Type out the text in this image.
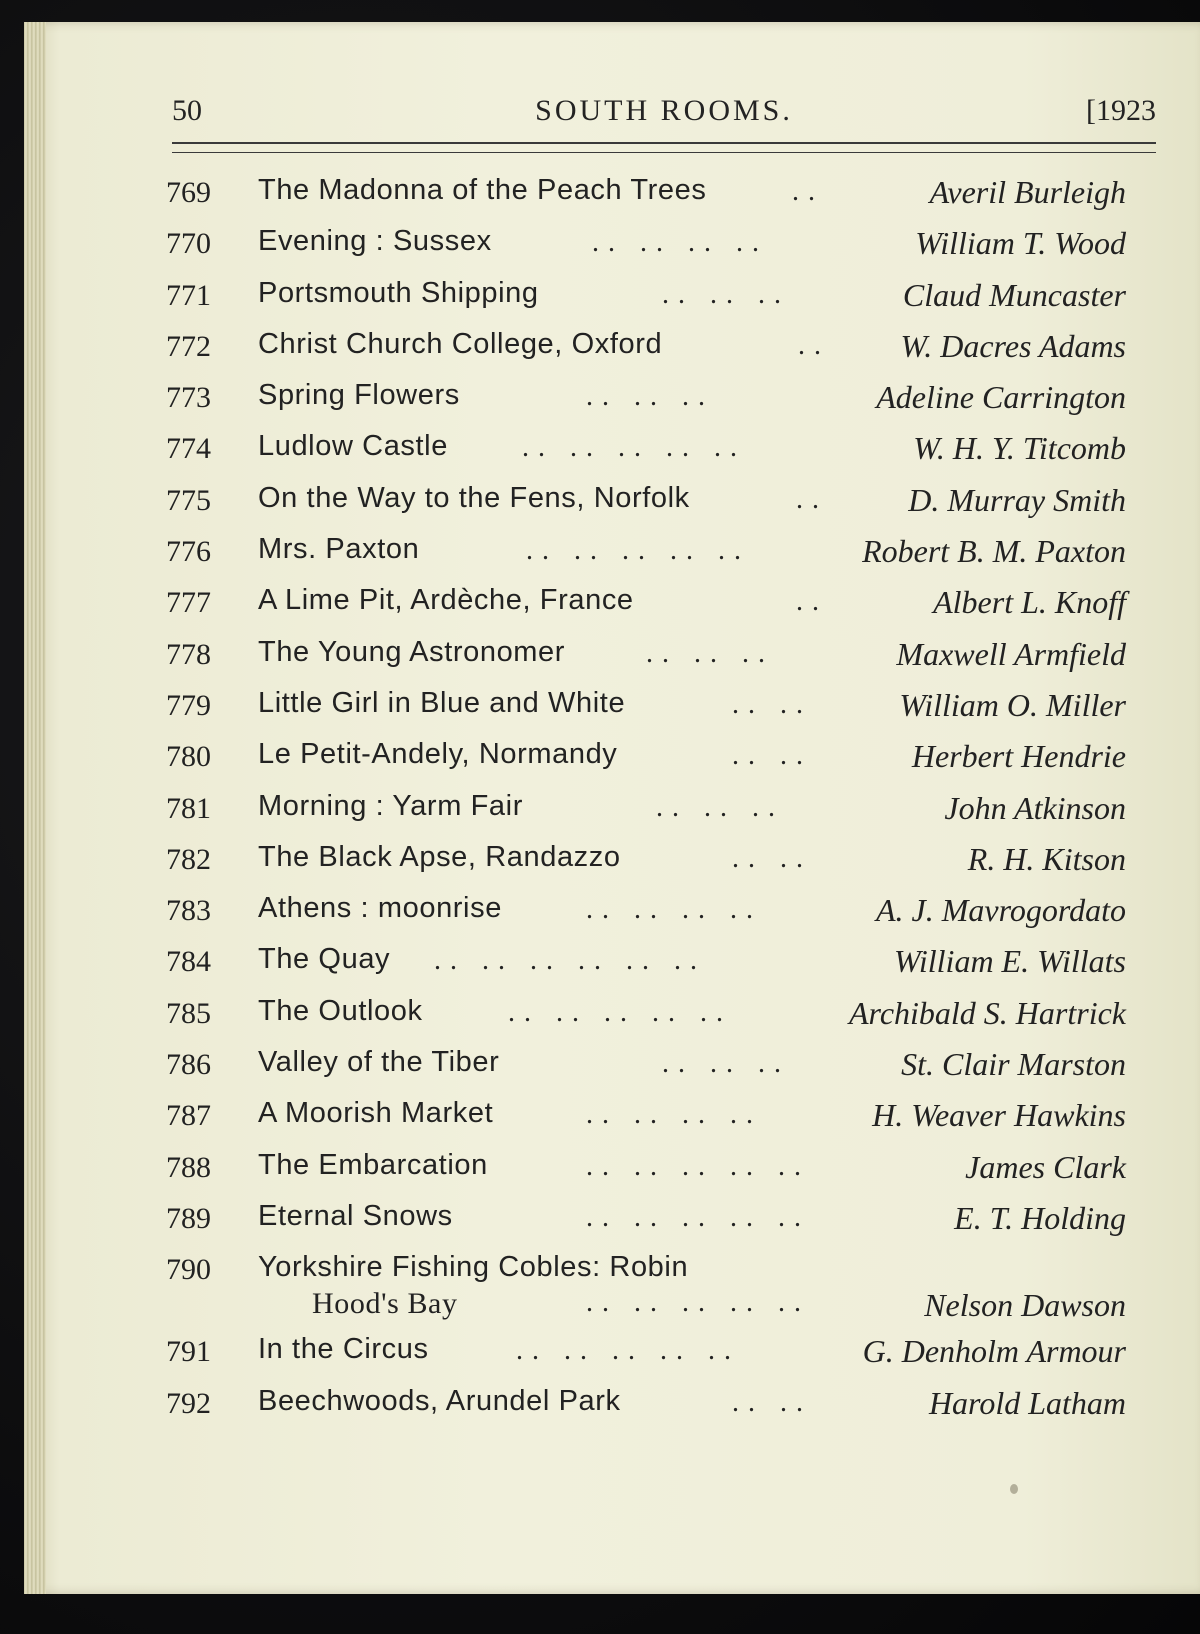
50	SOUTH ROOMS.	[1923
769	The Madonna of the Peach Trees	..	Averil Burleigh
770	Evening : Sussex	.. .. .. ..	William T. Wood
771	Portsmouth Shipping	.. .. ..	Claud Muncaster
772	Christ Church College, Oxford	.. W. Dacres Adams
773	Spring Flowers	.. .. ..	Adeline Carrington
774	Ludlow Castle	.. .. .. .. ..	W. H. Y. Titcomb
775	On the Way to the Fens, Norfolk	..	D. Murray Smith
776	Mrs. Paxton	.. .. .. .. ..	Robert B. M. Paxton
777	A Lime Pit, Ardèche, France	..	Albert L. Knoff
778	The Young Astronomer	.. .. ..	Maxwell Armfield
779	Little Girl in Blue and White	.. ..	William O. Miller
780	Le Petit-Andely, Normandy	.. ..	Herbert Hendrie
781	Morning : Yarm Fair	.. .. ..	John Atkinson
782	The Black Apse, Randazzo	.. ..	R. H. Kitson
783	Athens : moonrise	.. .. .. ..	A. J. Mavrogordato
784	The Quay .. .. .. .. .. ..	William E. Willats
785	The Outlook	.. .. .. .. ..	Archibald S. Hartrick
786	Valley of the Tiber	.. .. ..	St. Clair Marston
787	A Moorish Market	.. .. .. ..	H. Weaver Hawkins
788	The Embarcation	.. .. .. .. ..	James Clark
789	Eternal Snows	.. .. .. .. ..	E. T. Holding
790	Yorkshire Fishing Cobles: Robin
Hood's Bay	.. .. .. .. ..	Nelson Dawson
791	In the Circus	.. .. .. .. ..	G. Denholm Armour
792	Beechwoods, Arundel Park	.. ..	Harold Latham
